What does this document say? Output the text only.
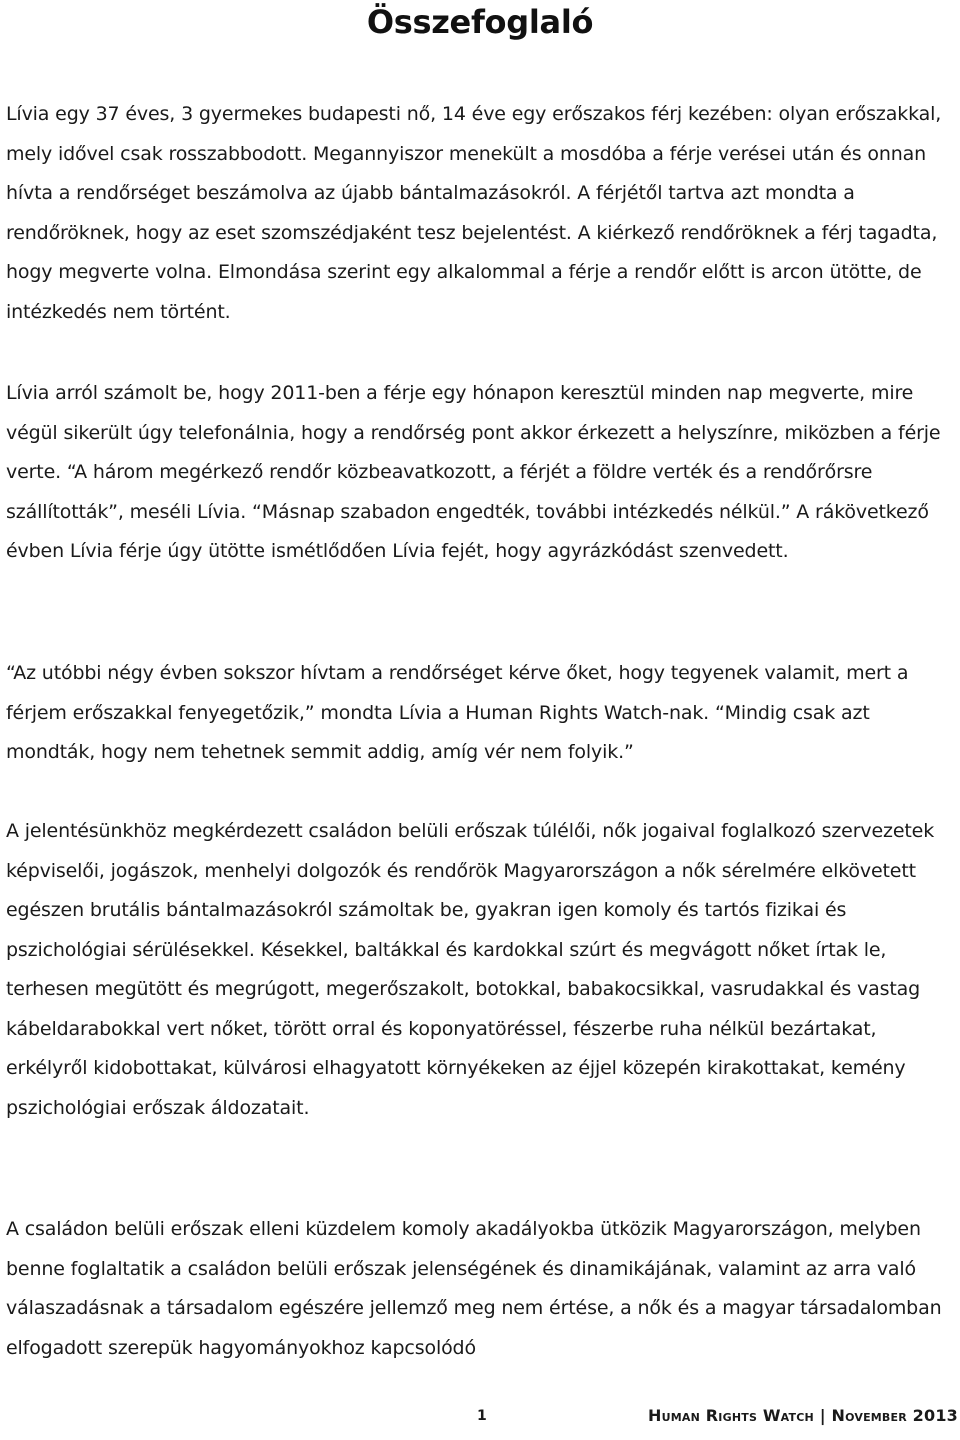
Összefoglaló

Lívia egy 37 éves, 3 gyermekes budapesti nő, 14 éve egy erőszakos férj kezében: olyan erőszakkal, mely idővel csak rosszabbodott. Megannyiszor menekült a mosdóba a férje verései után és onnan hívta a rendőrséget beszámolva az újabb bántalmazásokról. A férjétől tartva azt mondta a rendőröknek, hogy az eset szomszédjaként tesz bejelentést. A kiérkező rendőröknek a férj tagadta, hogy megverte volna. Elmondása szerint egy alkalommal a férje a rendőr előtt is arcon ütötte, de intézkedés nem történt.

Lívia arról számolt be, hogy 2011-ben a férje egy hónapon keresztül minden nap megverte, mire végül sikerült úgy telefonálnia, hogy a rendőrség pont akkor érkezett a helyszínre, miközben a férje verte. “A három megérkező rendőr közbeavatkozott, a férjét a földre verték és a rendőrőrsre szállították”, meséli Lívia. “Másnap szabadon engedték, további intézkedés nélkül.” A rákövetkező évben Lívia férje úgy ütötte ismétlődően Lívia fejét, hogy agyrázkódást szenvedett.

“Az utóbbi négy évben sokszor hívtam a rendőrséget kérve őket, hogy tegyenek valamit, mert a férjem erőszakkal fenyegetőzik,” mondta Lívia a Human Rights Watch-nak. “Mindig csak azt mondták, hogy nem tehetnek semmit addig, amíg vér nem folyik.”

A jelentésünkhöz megkérdezett családon belüli erőszak túlélői, nők jogaival foglalkozó szervezetek képviselői, jogászok, menhelyi dolgozók és rendőrök Magyarországon a nők sérelmére elkövetett egészen brutális bántalmazásokról számoltak be, gyakran igen komoly és tartós fizikai és pszichológiai sérülésekkel. Késekkel, baltákkal és kardokkal szúrt és megvágott nőket írtak le, terhesen megütött és megrúgott, megerőszakolt, botokkal, babakocsikkal, vasrudakkal és vastag kábeldarabokkal vert nőket, törött orral és koponyatöréssel, fészerbe ruha nélkül bezártakat, erkélyről kidobottakat, külvárosi elhagyatott környékeken az éjjel közepén kirakottakat, kemény pszichológiai erőszak áldozatait.

A családon belüli erőszak elleni küzdelem komoly akadályokba ütközik Magyarországon, melyben benne foglaltatik a családon belüli erőszak jelenségének és dinamikájának, valamint az arra való válaszadásnak a társadalom egészére jellemző meg nem értése, a nők és a magyar társadalomban elfogadott szerepük hagyományokhoz kapcsolódó

1	Human Rights Watch | November 2013
